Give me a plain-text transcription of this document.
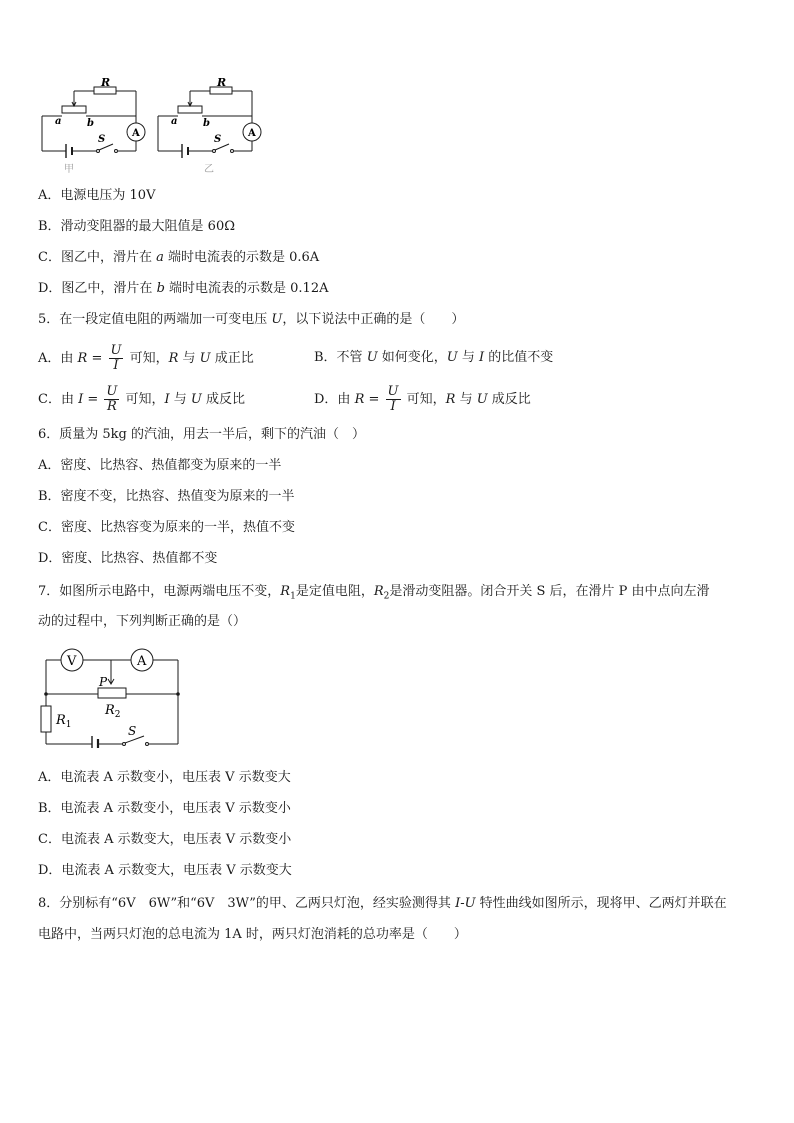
R
a	b
S
A
甲
R
a	b
S
A
乙
A．电源电压为 10V
B．滑动变阻器的最大阻值是 60Ω
C．图乙中，滑片在 a 端时电流表的示数是 0.6A
D．图乙中，滑片在 b 端时电流表的示数是 0.12A
5．在一段定值电阻的两端加一可变电压 U，以下说法中正确的是（　　）
A．由 $R = \frac{U}{I}$ 可知，R 与 U 成正比	B．不管 U 如何变化，U 与 I 的比值不变
C．由 $I = \frac{U}{R}$ 可知，I 与 U 成反比	D．由 $R = \frac{U}{I}$ 可知，R 与 U 成反比
6．质量为 5kg 的汽油，用去一半后，剩下的汽油（　）
A．密度、比热容、热值都变为原来的一半
B．密度不变，比热容、热值变为原来的一半
C．密度、比热容变为原来的一半，热值不变
D．密度、比热容、热值都不变
7．如图所示电路中，电源两端电压不变，$R_1$是定值电阻，$R_2$是滑动变阻器。闭合开关 S 后，在滑片 P 由中点向左滑
动的过程中，下列判断正确的是（）
V	A
P
$R_2$
$R_1$	S
A．电流表 A 示数变小，电压表 V 示数变大
B．电流表 A 示数变小，电压表 V 示数变小
C．电流表 A 示数变大，电压表 V 示数变小
D．电流表 A 示数变大，电压表 V 示数变大
8．分别标有“6V　6W”和“6V　3W”的甲、乙两只灯泡，经实验测得其 I-U 特性曲线如图所示，现将甲、乙两灯并联在
电路中，当两只灯泡的总电流为 1A 时，两只灯泡消耗的总功率是（　　）
